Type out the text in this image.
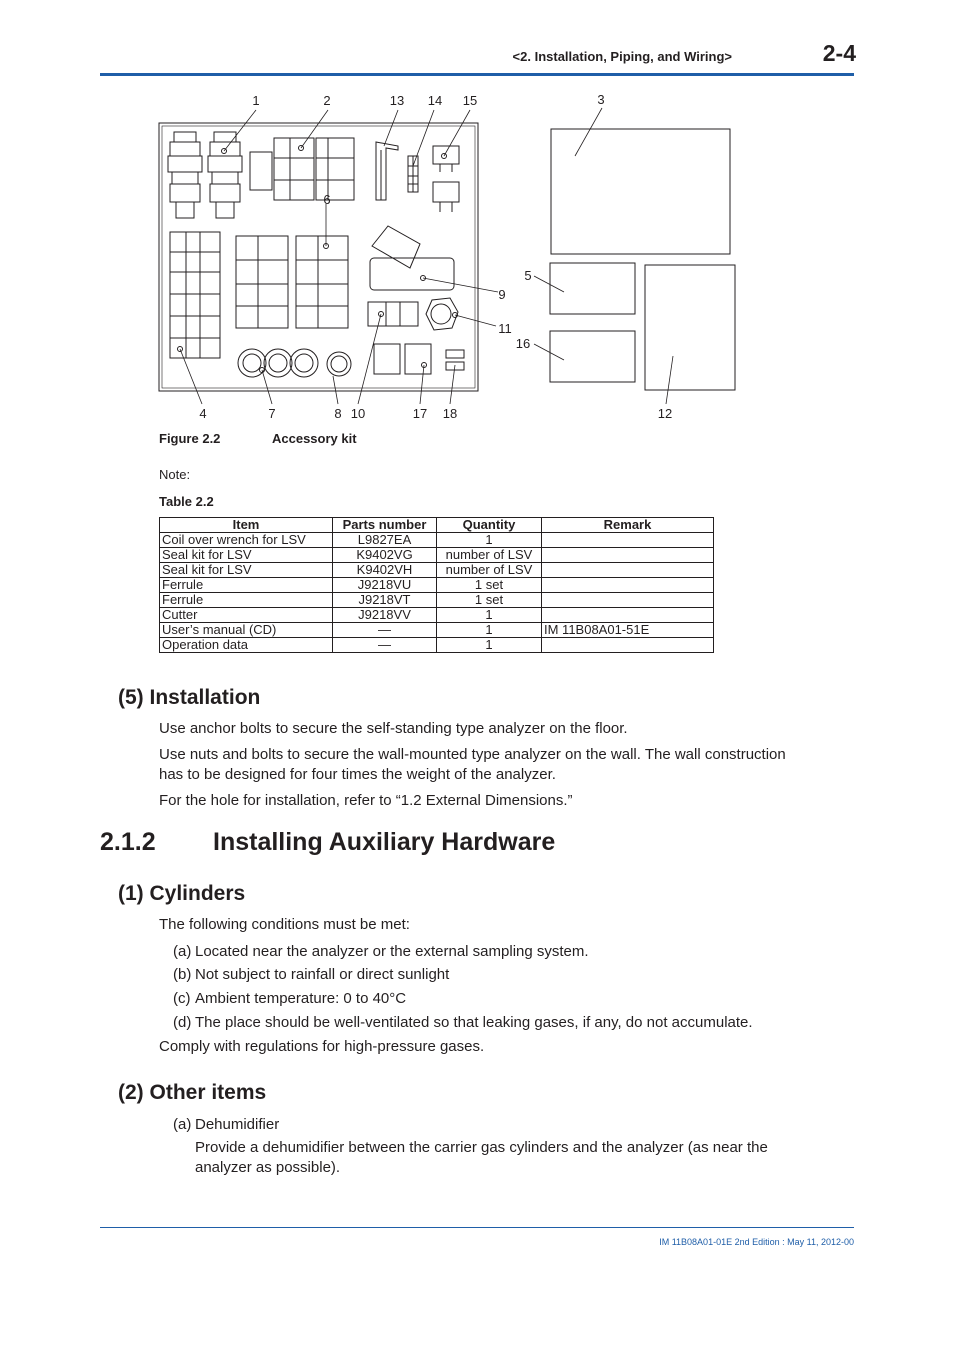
<2. Installation, Piping, and Wiring>	2-4
1	2	13 14 15	3
6
5
9
11
16
4	7	8 10	17 18	12
Figure 2.2	Accessory kit
Note:
Table 2.2
Item	Parts number	Quantity	Remark
Coil over wrench for LSV	L9827EA	1	
Seal kit for LSV	K9402VG	number of LSV	
Seal kit for LSV	K9402VH	number of LSV	
Ferrule	J9218VU	1 set	
Ferrule	J9218VT	1 set	
Cutter	J9218VV	1	
User’s manual (CD)	—	1	IM 11B08A01-51E
Operation data	—	1	
(5) Installation
Use anchor bolts to secure the self-standing type analyzer on the floor.
Use nuts and bolts to secure the wall-mounted type analyzer on the wall. The wall construction
has to be designed for four times the weight of the analyzer.
For the hole for installation, refer to “1.2 External Dimensions.”
2.1.2 Installing Auxiliary Hardware
(1) Cylinders
The following conditions must be met:
(a) Located near the analyzer or the external sampling system.
(b) Not subject to rainfall or direct sunlight
(c) Ambient temperature: 0 to 40°C
(d) The place should be well-ventilated so that leaking gases, if any, do not accumulate.
Comply with regulations for high-pressure gases.
(2) Other items
(a) Dehumidifier
Provide a dehumidifier between the carrier gas cylinders and the analyzer (as near the
analyzer as possible).
IM 11B08A01-01E 2nd Edition : May 11, 2012-00
